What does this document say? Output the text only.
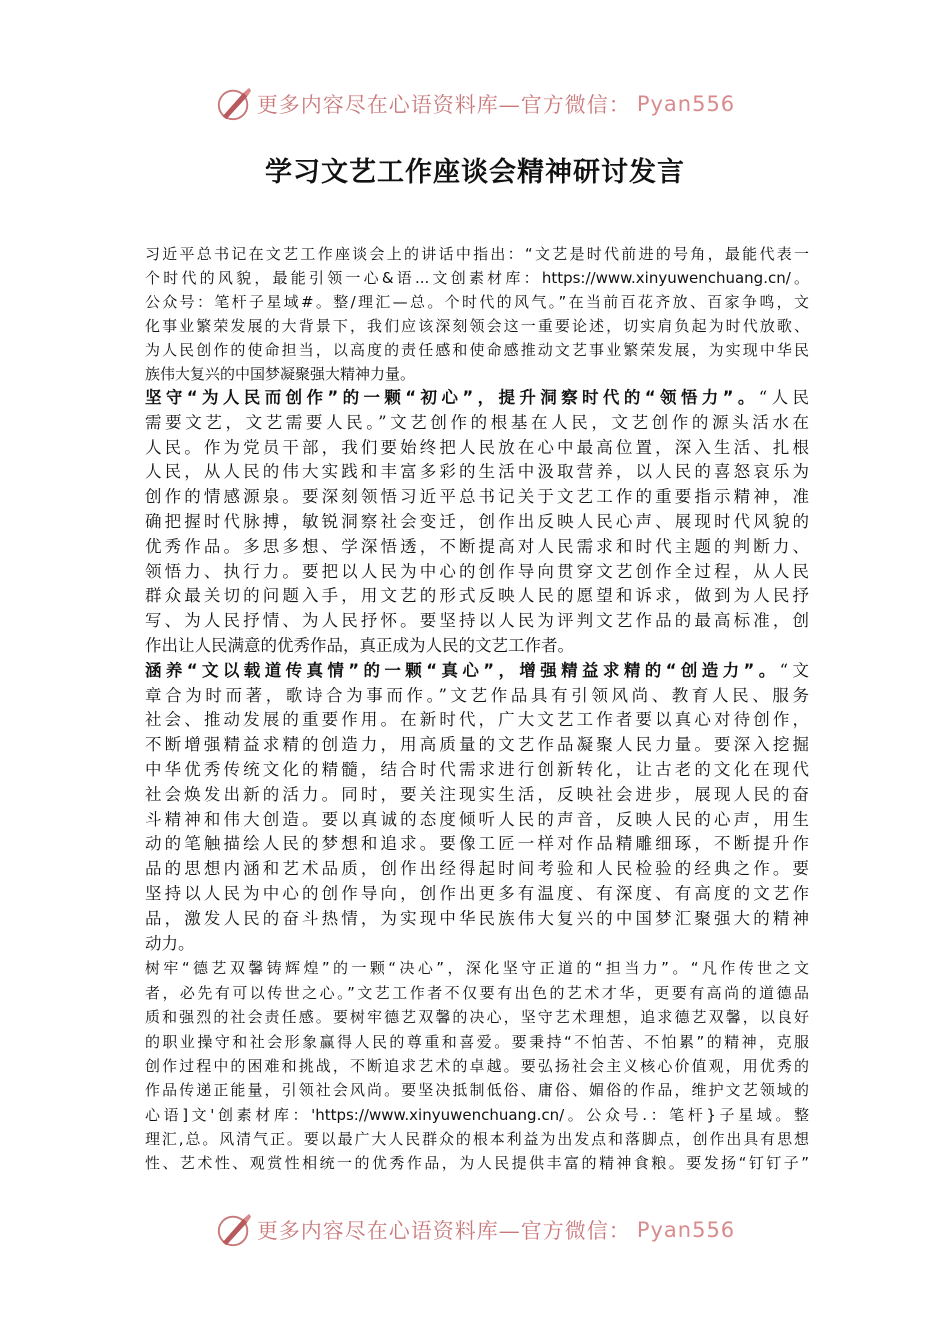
更多内容尽在心语资料库—官方微信： Pyan556
学习文艺工作座谈会精神研讨发言
习近平总书记在文艺工作座谈会上的讲话中指出：“文艺是时代前进的号角，最能代表一
个时代的风貌，最能引领一心&语...文创素材库：https://www.xinyuwenchuang.cn/。
公众号：笔杆子星域#。整/理汇—总。个时代的风气。”在当前百花齐放、百家争鸣，文
化事业繁荣发展的大背景下，我们应该深刻领会这一重要论述，切实肩负起为时代放歌、
为人民创作的使命担当，以高度的责任感和使命感推动文艺事业繁荣发展，为实现中华民
族伟大复兴的中国梦凝聚强大精神力量。
坚守“为人民而创作”的一颗“初心”，提升洞察时代的“领悟力”。“人民
需要文艺，文艺需要人民。”文艺创作的根基在人民，文艺创作的源头活水在
人民。作为党员干部，我们要始终把人民放在心中最高位置，深入生活、扎根
人民，从人民的伟大实践和丰富多彩的生活中汲取营养，以人民的喜怒哀乐为
创作的情感源泉。要深刻领悟习近平总书记关于文艺工作的重要指示精神，准
确把握时代脉搏，敏锐洞察社会变迁，创作出反映人民心声、展现时代风貌的
优秀作品。多思多想、学深悟透，不断提高对人民需求和时代主题的判断力、
领悟力、执行力。要把以人民为中心的创作导向贯穿文艺创作全过程，从人民
群众最关切的问题入手，用文艺的形式反映人民的愿望和诉求，做到为人民抒
写、为人民抒情、为人民抒怀。要坚持以人民为评判文艺作品的最高标准，创
作出让人民满意的优秀作品，真正成为人民的文艺工作者。
涵养“文以载道传真情”的一颗“真心”，增强精益求精的“创造力”。“文
章合为时而著，歌诗合为事而作。”文艺作品具有引领风尚、教育人民、服务
社会、推动发展的重要作用。在新时代，广大文艺工作者要以真心对待创作，
不断增强精益求精的创造力，用高质量的文艺作品凝聚人民力量。要深入挖掘
中华优秀传统文化的精髓，结合时代需求进行创新转化，让古老的文化在现代
社会焕发出新的活力。同时，要关注现实生活，反映社会进步，展现人民的奋
斗精神和伟大创造。要以真诚的态度倾听人民的声音，反映人民的心声，用生
动的笔触描绘人民的梦想和追求。要像工匠一样对作品精雕细琢，不断提升作
品的思想内涵和艺术品质，创作出经得起时间考验和人民检验的经典之作。要
坚持以人民为中心的创作导向，创作出更多有温度、有深度、有高度的文艺作
品，激发人民的奋斗热情，为实现中华民族伟大复兴的中国梦汇聚强大的精神
动力。
树牢“德艺双馨铸辉煌”的一颗“决心”，深化坚守正道的“担当力”。“凡作传世之文
者，必先有可以传世之心。”文艺工作者不仅要有出色的艺术才华，更要有高尚的道德品
质和强烈的社会责任感。要树牢德艺双馨的决心，坚守艺术理想，追求德艺双馨，以良好
的职业操守和社会形象赢得人民的尊重和喜爱。要秉持“不怕苦、不怕累”的精神，克服
创作过程中的困难和挑战，不断追求艺术的卓越。要弘扬社会主义核心价值观，用优秀的
作品传递正能量，引领社会风尚。要坚决抵制低俗、庸俗、媚俗的作品，维护文艺领域的
心语]文'创素材库：'https://www.xinyuwenchuang.cn/。公众号.：笔杆}子星域。整
理汇,总。风清气正。要以最广大人民群众的根本利益为出发点和落脚点，创作出具有思想
性、艺术性、观赏性相统一的优秀作品，为人民提供丰富的精神食粮。要发扬“钉钉子”
更多内容尽在心语资料库—官方微信： Pyan556
